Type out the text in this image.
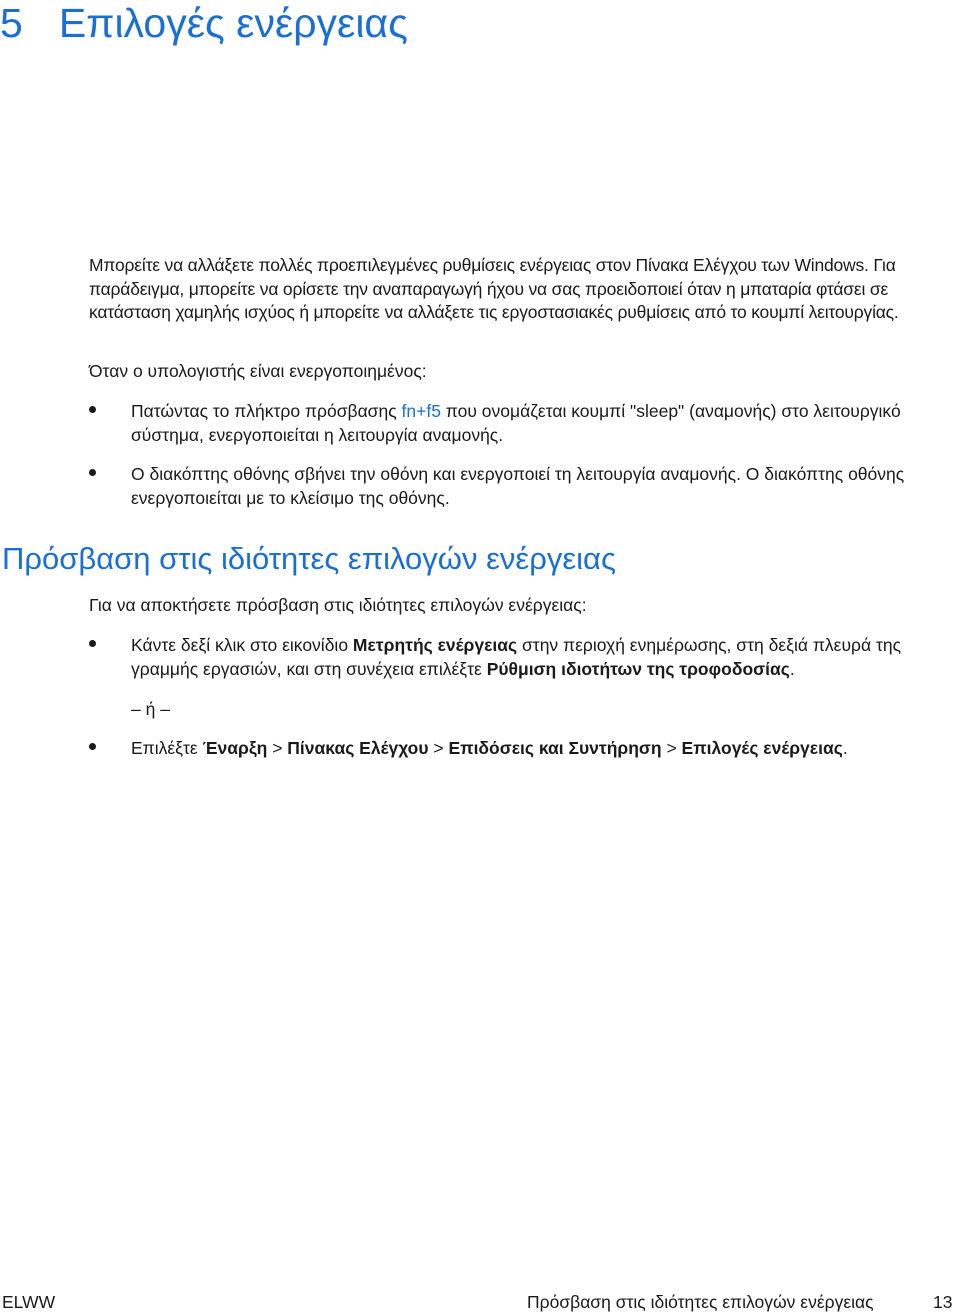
5 Επιλογές ενέργειας

Μπορείτε να αλλάξετε πολλές προεπιλεγμένες ρυθμίσεις ενέργειας στον Πίνακα Ελέγχου των Windows. Για παράδειγμα, μπορείτε να ορίσετε την αναπαραγωγή ήχου να σας προειδοποιεί όταν η μπαταρία φτάσει σε κατάσταση χαμηλής ισχύος ή μπορείτε να αλλάξετε τις εργοστασιακές ρυθμίσεις από το κουμπί λειτουργίας.

Όταν ο υπολογιστής είναι ενεργοποιημένος:

Πατώντας το πλήκτρο πρόσβασης fn+f5 που ονομάζεται κουμπί "sleep" (αναμονής) στο λειτουργικό σύστημα, ενεργοποιείται η λειτουργία αναμονής.
Ο διακόπτης οθόνης σβήνει την οθόνη και ενεργοποιεί τη λειτουργία αναμονής. Ο διακόπτης οθόνης ενεργοποιείται με το κλείσιμο της οθόνης.
Πρόσβαση στις ιδιότητες επιλογών ενέργειας

Για να αποκτήσετε πρόσβαση στις ιδιότητες επιλογών ενέργειας:

Κάντε δεξί κλικ στο εικονίδιο Μετρητής ενέργειας στην περιοχή ενημέρωσης, στη δεξιά πλευρά της γραμμής εργασιών, και στη συνέχεια επιλέξτε Ρύθμιση ιδιοτήτων της τροφοδοσίας.
– ή –
Επιλέξτε Έναρξη > Πίνακας Ελέγχου > Επιδόσεις και Συντήρηση > Επιλογές ενέργειας.
ELWW	Πρόσβαση στις ιδιότητες επιλογών ενέργειας	13
